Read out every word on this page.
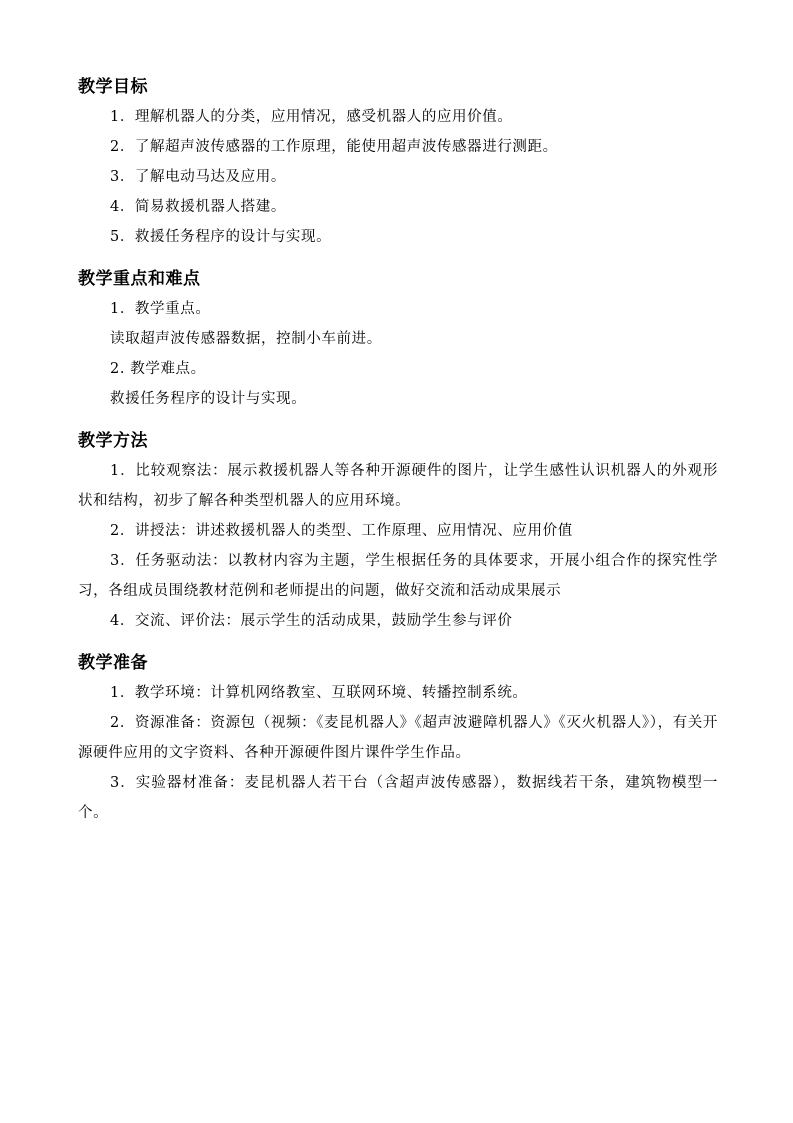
教学目标

1．理解机器人的分类，应用情况，感受机器人的应用价值。

2．了解超声波传感器的工作原理，能使用超声波传感器进行测距。

3．了解电动马达及应用。

4．简易救援机器人搭建。

5．救援任务程序的设计与实现。

教学重点和难点

1．教学重点。

读取超声波传感器数据，控制小车前进。

2. 教学难点。

救援任务程序的设计与实现。

教学方法

1．比较观察法：展示救援机器人等各种开源硬件的图片，让学生感性认识机器人的外观形状和结构，初步了解各种类型机器人的应用环境。

2．讲授法：讲述救援机器人的类型、工作原理、应用情况、应用价值

3．任务驱动法：以教材内容为主题，学生根据任务的具体要求，开展小组合作的探究性学习，各组成员围绕教材范例和老师提出的问题，做好交流和活动成果展示

4．交流、评价法：展示学生的活动成果，鼓励学生参与评价

教学准备

1．教学环境：计算机网络教室、互联网环境、转播控制系统。

2．资源准备：资源包（视频：《麦昆机器人》《超声波避障机器人》《灭火机器人》），有关开源硬件应用的文字资料、各种开源硬件图片课件学生作品。

3．实验器材准备：麦昆机器人若干台（含超声波传感器），数据线若干条，建筑物模型一个。
